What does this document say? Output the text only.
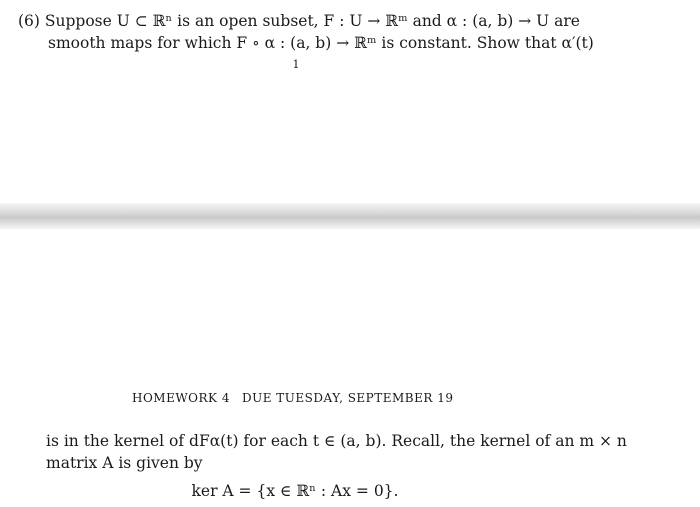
(6) Suppose U ⊂ ℝⁿ is an open subset, F : U → ℝᵐ and α : (a, b) → U are
smooth maps for which F ∘ α : (a, b) → ℝᵐ is constant. Show that α′(t)
1
HOMEWORK 4 DUE TUESDAY, SEPTEMBER 19
is in the kernel of dFα(t) for each t ∈ (a, b). Recall, the kernel of an m × n
matrix A is given by
ker A = {x ∈ ℝⁿ : Ax = 0}.
